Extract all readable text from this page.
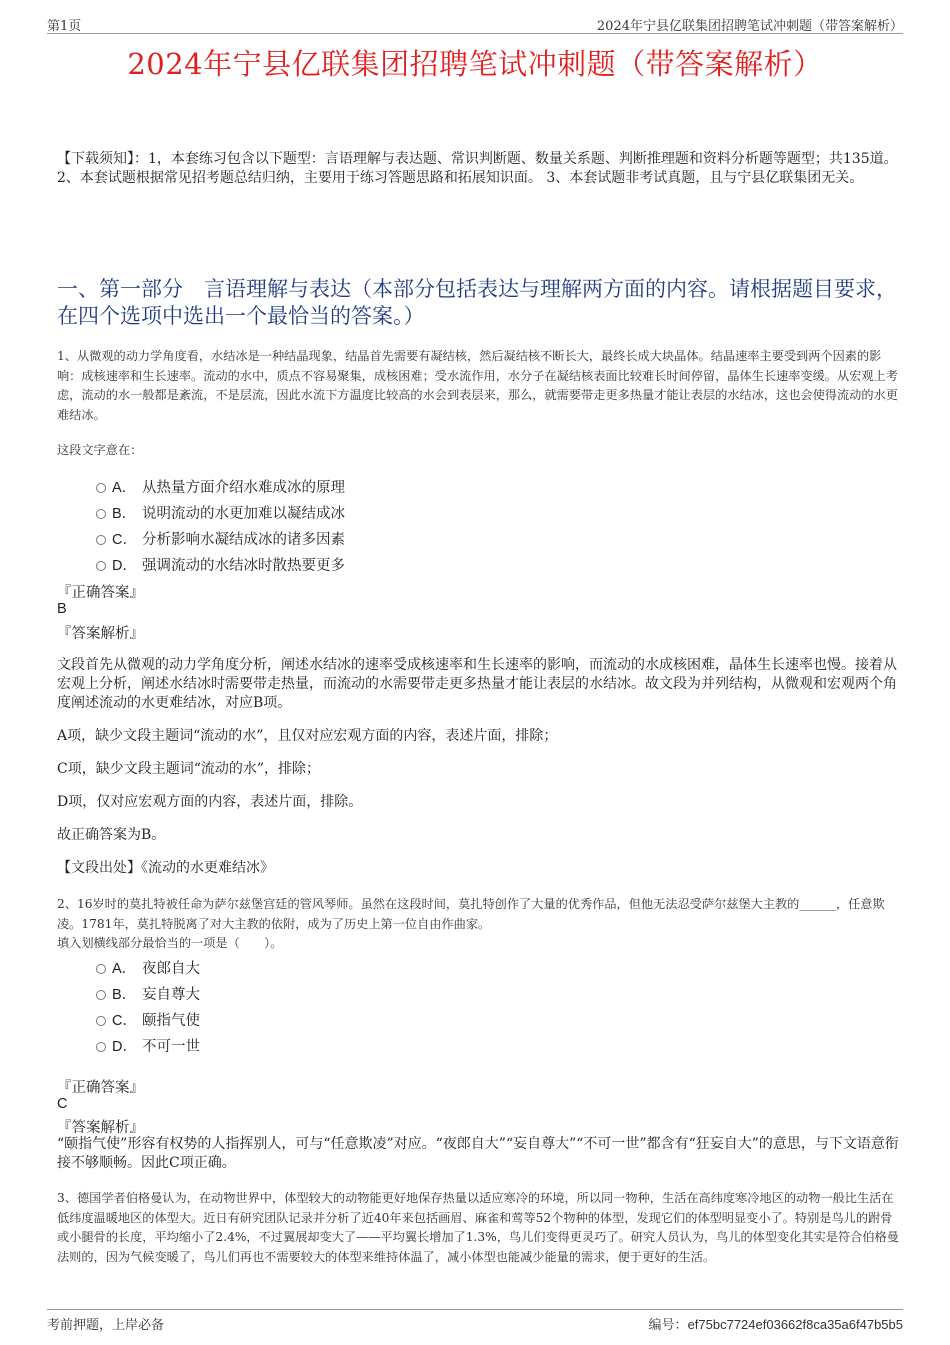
第1页	2024年宁县亿联集团招聘笔试冲刺题（带答案解析）
2024年宁县亿联集团招聘笔试冲刺题（带答案解析）
【下载须知】：1，本套练习包含以下题型：言语理解与表达题、常识判断题、数量关系题、判断推理题和资料分析题等题型；共135道。 2、本套试题根据常见招考题总结归纳，主要用于练习答题思路和拓展知识面。 3、本套试题非考试真题，且与宁县亿联集团无关。
一、第一部分　言语理解与表达（本部分包括表达与理解两方面的内容。请根据题目要求，在四个选项中选出一个最恰当的答案。）
1、从微观的动力学角度看，水结冰是一种结晶现象，结晶首先需要有凝结核，然后凝结核不断长大，最终长成大块晶体。结晶速率主要受到两个因素的影响：成核速率和生长速率。流动的水中，质点不容易聚集，成核困难；受水流作用，水分子在凝结核表面比较难长时间停留，晶体生长速率变缓。从宏观上考虑，流动的水一般都是紊流，不是层流，因此水流下方温度比较高的水会到表层来，那么，就需要带走更多热量才能让表层的水结冰，这也会使得流动的水更难结冰。
这段文字意在：
A． 从热量方面介绍水难成冰的原理
B． 说明流动的水更加难以凝结成冰
C． 分析影响水凝结成冰的诸多因素
D． 强调流动的水结冰时散热要更多
『正确答案』
B
『答案解析』
文段首先从微观的动力学角度分析，阐述水结冰的速率受成核速率和生长速率的影响，而流动的水成核困难，晶体生长速率也慢。接着从宏观上分析，阐述水结冰时需要带走热量，而流动的水需要带走更多热量才能让表层的水结冰。故文段为并列结构，从微观和宏观两个角度阐述流动的水更难结冰，对应B项。
A项，缺少文段主题词“流动的水”，且仅对应宏观方面的内容，表述片面，排除；
C项，缺少文段主题词“流动的水”，排除；
D项，仅对应宏观方面的内容，表述片面，排除。
故正确答案为B。
【文段出处】《流动的水更难结冰》
2、16岁时的莫扎特被任命为萨尔兹堡宫廷的管风琴师。虽然在这段时间，莫扎特创作了大量的优秀作品，但他无法忍受萨尔兹堡大主教的______，任意欺凌。1781年，莫扎特脱离了对大主教的依附，成为了历史上第一位自由作曲家。
填入划横线部分最恰当的一项是（　　）。
A． 夜郎自大
B． 妄自尊大
C． 颐指气使
D． 不可一世
『正确答案』
C
『答案解析』
“颐指气使”形容有权势的人指挥别人，可与“任意欺凌”对应。“夜郎自大”“妄自尊大”“不可一世”都含有“狂妄自大”的意思，与下文语意衔接不够顺畅。因此C项正确。
3、德国学者伯格曼认为，在动物世界中，体型较大的动物能更好地保存热量以适应寒冷的环境，所以同一物种，生活在高纬度寒冷地区的动物一般比生活在低纬度温暖地区的体型大。近日有研究团队记录并分析了近40年来包括画眉、麻雀和莺等52个物种的体型，发现它们的体型明显变小了。特别是鸟儿的跗骨或小腿骨的长度，平均缩小了2.4%，不过翼展却变大了——平均翼长增加了1.3%，鸟儿们变得更灵巧了。研究人员认为，鸟儿的体型变化其实是符合伯格曼法则的，因为气候变暖了，鸟儿们再也不需要较大的体型来维持体温了，减小体型也能减少能量的需求，便于更好的生活。
考前押题，上岸必备	编号：ef75bc7724ef03662f8ca35a6f47b5b5
